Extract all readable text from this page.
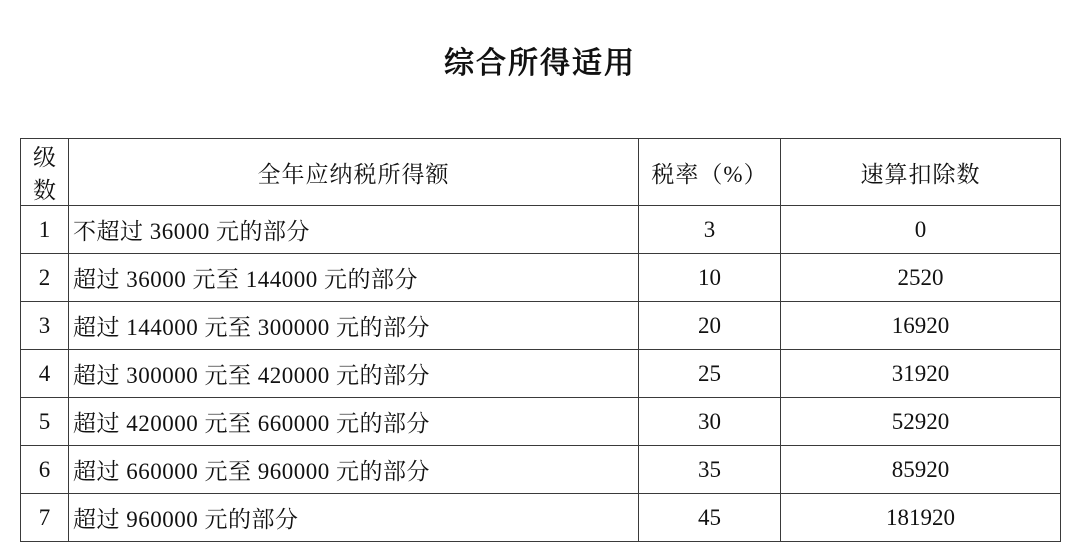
综合所得适用
级数	全年应纳税所得额	税率（%）	速算扣除数
1	不超过 36000 元的部分	3	0
2	超过 36000 元至 144000 元的部分	10	2520
3	超过 144000 元至 300000 元的部分	20	16920
4	超过 300000 元至 420000 元的部分	25	31920
5	超过 420000 元至 660000 元的部分	30	52920
6	超过 660000 元至 960000 元的部分	35	85920
7	超过 960000 元的部分	45	181920
